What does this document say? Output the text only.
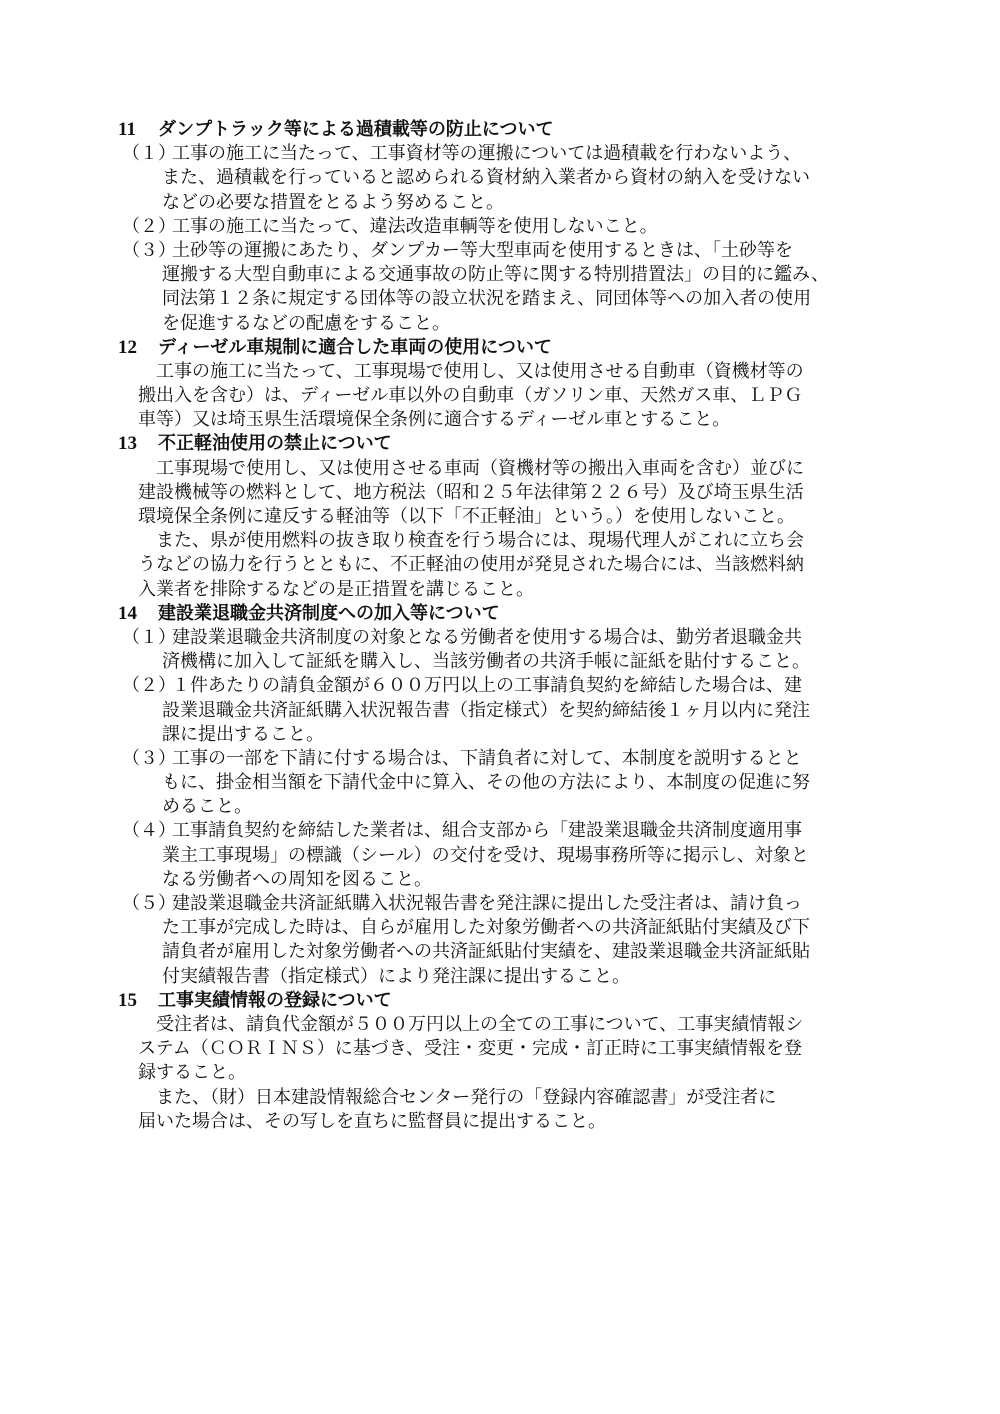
11 ダンプトラック等による過積載等の防止について
（１）工事の施工に当たって、工事資材等の運搬については過積載を行わないよう、
また、過積載を行っていると認められる資材納入業者から資材の納入を受けない
などの必要な措置をとるよう努めること。
（２）工事の施工に当たって、違法改造車輌等を使用しないこと。
（３）土砂等の運搬にあたり、ダンプカー等大型車両を使用するときは、「土砂等を
運搬する大型自動車による交通事故の防止等に関する特別措置法」の目的に鑑み、
同法第１２条に規定する団体等の設立状況を踏まえ、同団体等への加入者の使用
を促進するなどの配慮をすること。
12 ディーゼル車規制に適合した車両の使用について
工事の施工に当たって、工事現場で使用し、又は使用させる自動車（資機材等の
搬出入を含む）は、ディーゼル車以外の自動車（ガソリン車、天然ガス車、ＬＰＧ
車等）又は埼玉県生活環境保全条例に適合するディーゼル車とすること。
13 不正軽油使用の禁止について
工事現場で使用し、又は使用させる車両（資機材等の搬出入車両を含む）並びに
建設機械等の燃料として、地方税法（昭和２５年法律第２２６号）及び埼玉県生活
環境保全条例に違反する軽油等（以下「不正軽油」という。）を使用しないこと。
また、県が使用燃料の抜き取り検査を行う場合には、現場代理人がこれに立ち会
うなどの協力を行うとともに、不正軽油の使用が発見された場合には、当該燃料納
入業者を排除するなどの是正措置を講じること。
14 建設業退職金共済制度への加入等について
（１）建設業退職金共済制度の対象となる労働者を使用する場合は、勤労者退職金共
済機構に加入して証紙を購入し、当該労働者の共済手帳に証紙を貼付すること。
（２）１件あたりの請負金額が６００万円以上の工事請負契約を締結した場合は、建
設業退職金共済証紙購入状況報告書（指定様式）を契約締結後１ヶ月以内に発注
課に提出すること。
（３）工事の一部を下請に付する場合は、下請負者に対して、本制度を説明するとと
もに、掛金相当額を下請代金中に算入、その他の方法により、本制度の促進に努
めること。
（４）工事請負契約を締結した業者は、組合支部から「建設業退職金共済制度適用事
業主工事現場」の標識（シール）の交付を受け、現場事務所等に掲示し、対象と
なる労働者への周知を図ること。
（５）建設業退職金共済証紙購入状況報告書を発注課に提出した受注者は、請け負っ
た工事が完成した時は、自らが雇用した対象労働者への共済証紙貼付実績及び下
請負者が雇用した対象労働者への共済証紙貼付実績を、建設業退職金共済証紙貼
付実績報告書（指定様式）により発注課に提出すること。
15 工事実績情報の登録について
受注者は、請負代金額が５００万円以上の全ての工事について、工事実績情報シ
ステム（ＣＯＲＩＮＳ）に基づき、受注・変更・完成・訂正時に工事実績情報を登
録すること。
また、（財）日本建設情報総合センター発行の「登録内容確認書」が受注者に
届いた場合は、その写しを直ちに監督員に提出すること。
